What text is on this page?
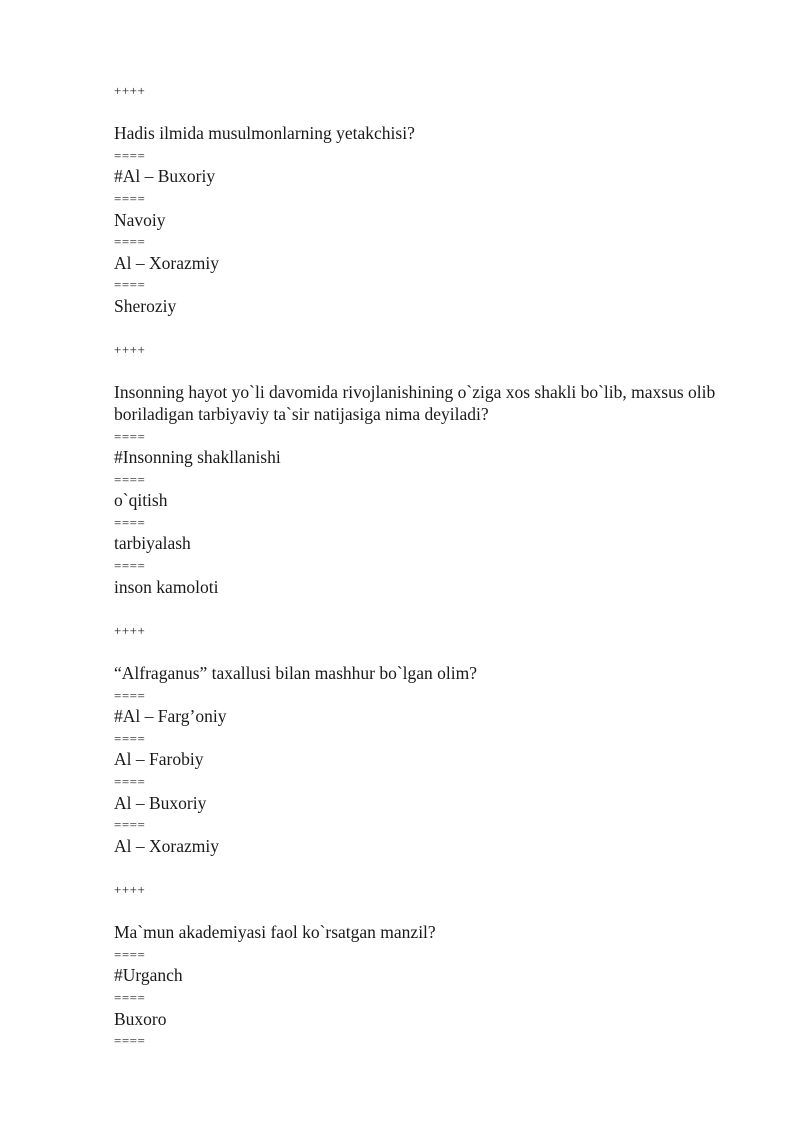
++++
Hadis ilmida musulmonlarning yetakchisi?
====
#Al – Buxoriy
====
Navoiy
====
Al – Xorazmiy
====
Sheroziy
++++
Insonning hayot yo`li davomida rivojlanishining o`ziga xos shakli bo`lib, maxsus olib boriladigan tarbiyaviy ta`sir natijasiga nima deyiladi?
====
#Insonning shakllanishi
====
o`qitish
====
tarbiyalash
====
inson kamoloti
++++
“Alfraganus” taxallusi bilan mashhur bo`lgan olim?
====
#Al – Farg’oniy
====
Al – Farobiy
====
Al – Buxoriy
====
Al – Xorazmiy
++++
Ma`mun akademiyasi faol ko`rsatgan manzil?
====
#Urganch
====
Buxoro
====
